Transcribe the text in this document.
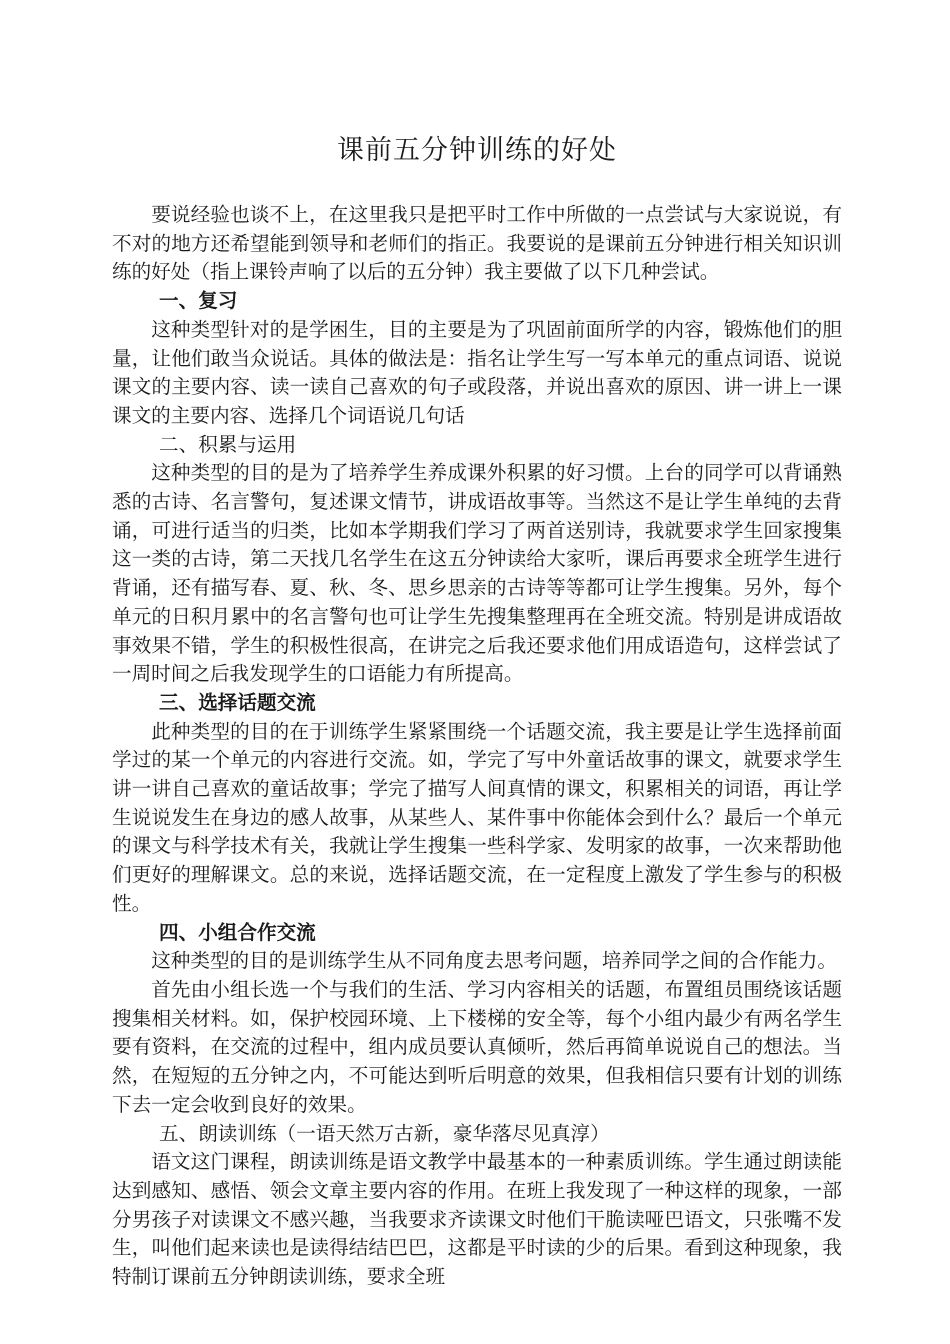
课前五分钟训练的好处

要说经验也谈不上，在这里我只是把平时工作中所做的一点尝试与大家说说，有不对的地方还希望能到领导和老师们的指正。我要说的是课前五分钟进行相关知识训练的好处（指上课铃声响了以后的五分钟）我主要做了以下几种尝试。

一、复习

这种类型针对的是学困生，目的主要是为了巩固前面所学的内容，锻炼他们的胆量，让他们敢当众说话。具体的做法是：指名让学生写一写本单元的重点词语、说说课文的主要内容、读一读自己喜欢的句子或段落，并说出喜欢的原因、讲一讲上一课课文的主要内容、选择几个词语说几句话

二、积累与运用

这种类型的目的是为了培养学生养成课外积累的好习惯。上台的同学可以背诵熟悉的古诗、名言警句，复述课文情节，讲成语故事等。当然这不是让学生单纯的去背诵，可进行适当的归类，比如本学期我们学习了两首送别诗，我就要求学生回家搜集这一类的古诗，第二天找几名学生在这五分钟读给大家听，课后再要求全班学生进行背诵，还有描写春、夏、秋、冬、思乡思亲的古诗等等都可让学生搜集。另外，每个单元的日积月累中的名言警句也可让学生先搜集整理再在全班交流。特别是讲成语故事效果不错，学生的积极性很高，在讲完之后我还要求他们用成语造句，这样尝试了一周时间之后我发现学生的口语能力有所提高。

三、选择话题交流

此种类型的目的在于训练学生紧紧围绕一个话题交流，我主要是让学生选择前面学过的某一个单元的内容进行交流。如，学完了写中外童话故事的课文，就要求学生讲一讲自己喜欢的童话故事；学完了描写人间真情的课文，积累相关的词语，再让学生说说发生在身边的感人故事，从某些人、某件事中你能体会到什么？最后一个单元的课文与科学技术有关，我就让学生搜集一些科学家、发明家的故事，一次来帮助他们更好的理解课文。总的来说，选择话题交流，在一定程度上激发了学生参与的积极性。

四、小组合作交流

这种类型的目的是训练学生从不同角度去思考问题，培养同学之间的合作能力。

首先由小组长选一个与我们的生活、学习内容相关的话题，布置组员围绕该话题搜集相关材料。如，保护校园环境、上下楼梯的安全等，每个小组内最少有两名学生要有资料，在交流的过程中，组内成员要认真倾听，然后再简单说说自己的想法。当然，在短短的五分钟之内，不可能达到听后明意的效果，但我相信只要有计划的训练下去一定会收到良好的效果。

五、朗读训练（一语天然万古新，豪华落尽见真淳）

语文这门课程，朗读训练是语文教学中最基本的一种素质训练。学生通过朗读能达到感知、感悟、领会文章主要内容的作用。在班上我发现了一种这样的现象，一部分男孩子对读课文不感兴趣，当我要求齐读课文时他们干脆读哑巴语文，只张嘴不发生，叫他们起来读也是读得结结巴巴，这都是平时读的少的后果。看到这种现象，我特制订课前五分钟朗读训练，要求全班
